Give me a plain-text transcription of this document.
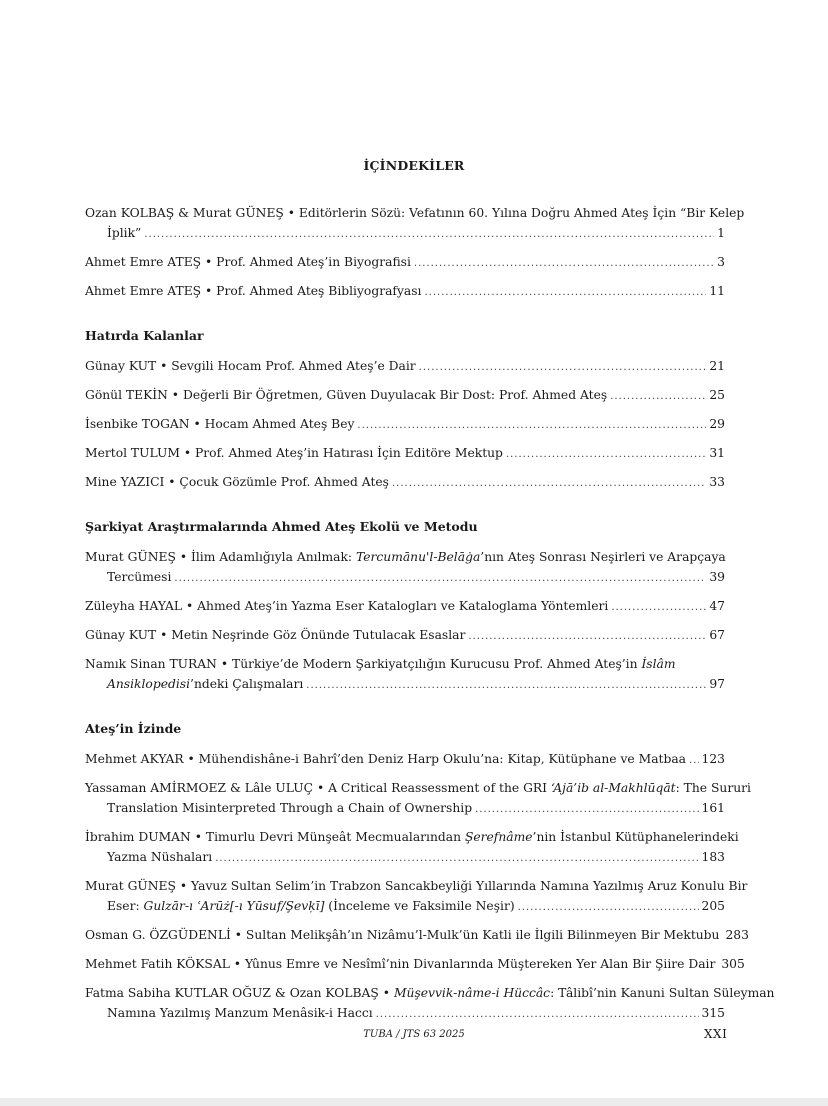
İÇİNDEKİLER
Ozan KOLBAŞ & Murat GÜNEŞ • Editörlerin Sözü: Vefatının 60. Yılına Doğru Ahmed Ateş İçin “Bir Kelep
İplik” .....	1
Ahmet Emre ATEŞ • Prof. Ahmed Ateş’in Biyografisi .....	3
Ahmet Emre ATEŞ • Prof. Ahmed Ateş Bibliyografyası .....	11
Hatırda Kalanlar
Günay KUT • Sevgili Hocam Prof. Ahmed Ateş’e Dair .....	21
Gönül TEKİN • Değerli Bir Öğretmen, Güven Duyulacak Bir Dost: Prof. Ahmed Ateş .....	25
İsenbike TOGAN • Hocam Ahmed Ateş Bey .....	29
Mertol TULUM • Prof. Ahmed Ateş’in Hatırası İçin Editöre Mektup .....	31
Mine YAZICI • Çocuk Gözümle Prof. Ahmed Ateş .....	33
Şarkiyat Araştırmalarında Ahmed Ateş Ekolü ve Metodu
Murat GÜNEŞ • İlim Adamlığıyla Anılmak: Tercumānu'l-Belāġa’nın Ateş Sonrası Neşirleri ve Arapçaya
Tercümesi .....	39
Züleyha HAYAL • Ahmed Ateş’in Yazma Eser Katalogları ve Kataloglama Yöntemleri .....	47
Günay KUT • Metin Neşrinde Göz Önünde Tutulacak Esaslar .....	67
Namık Sinan TURAN • Türkiye’de Modern Şarkiyatçılığın Kurucusu Prof. Ahmed Ateş’in İslâm
Ansiklopedisi’ndeki Çalışmaları .....	97
Ateş’in İzinde
Mehmet AKYAR • Mühendishâne-i Bahrî’den Deniz Harp Okulu’na: Kitap, Kütüphane ve Matbaa ..... 123
Yassaman AMİRMOEZ & Lâle ULUÇ • A Critical Reassessment of the GRI ‘Ajā’ib al-Makhlūqāt: The Sururi
Translation Misinterpreted Through a Chain of Ownership .....	161
İbrahim DUMAN • Timurlu Devri Münşeât Mecmualarından Şerefnâme’nin İstanbul Kütüphanelerindeki
Yazma Nüshaları .....	183
Murat GÜNEŞ • Yavuz Sultan Selim’in Trabzon Sancakbeyliği Yıllarında Namına Yazılmış Aruz Konulu Bir
Eser: Gulzār-ı ʿArūż[-ı Yūsuf/Şevḳī] (İnceleme ve Faksimile Neşir) .....	205
Osman G. ÖZGÜDENLİ • Sultan Melikşâh’ın Nizâmu’l-Mulk’ün Katli ile İlgili Bilinmeyen Bir Mektubu 283
Mehmet Fatih KÖKSAL • Yûnus Emre ve Nesîmî’nin Divanlarında Müştereken Yer Alan Bir Şiire Dair 305
Fatma Sabiha KUTLAR OĞUZ & Ozan KOLBAŞ • Müşevvik-nâme-i Hüccâc: Tâlibî’nin Kanuni Sultan Süleyman
Namına Yazılmış Manzum Menâsik-i Haccı .....	315
TUBA / JTS 63 2025	XXI
